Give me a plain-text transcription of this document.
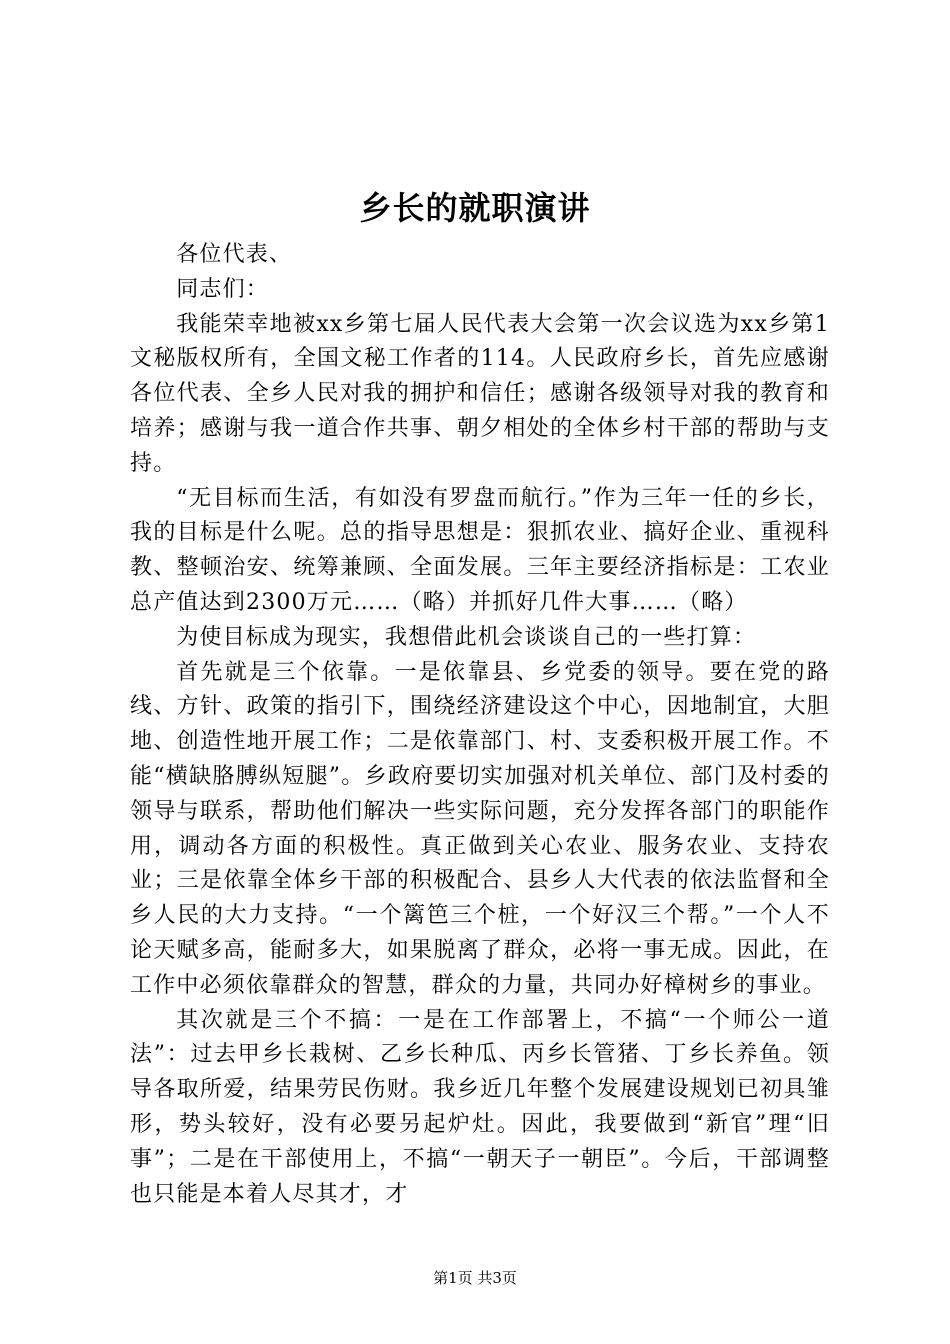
乡长的就职演讲

各位代表、

同志们：

我能荣幸地被xx乡第七届人民代表大会第一次会议选为xx乡第1文秘版权所有，全国文秘工作者的114。人民政府乡长，首先应感谢各位代表、全乡人民对我的拥护和信任；感谢各级领导对我的教育和培养；感谢与我一道合作共事、朝夕相处的全体乡村干部的帮助与支持。

“无目标而生活，有如没有罗盘而航行。”作为三年一任的乡长，我的目标是什么呢。总的指导思想是：狠抓农业、搞好企业、重视科教、整顿治安、统筹兼顾、全面发展。三年主要经济指标是：工农业总产值达到2300万元……（略）并抓好几件大事……（略）

为使目标成为现实，我想借此机会谈谈自己的一些打算：

首先就是三个依靠。一是依靠县、乡党委的领导。要在党的路线、方针、政策的指引下，围绕经济建设这个中心，因地制宜，大胆地、创造性地开展工作；二是依靠部门、村、支委积极开展工作。不能“横缺胳膊纵短腿”。乡政府要切实加强对机关单位、部门及村委的领导与联系，帮助他们解决一些实际问题，充分发挥各部门的职能作用，调动各方面的积极性。真正做到关心农业、服务农业、支持农业；三是依靠全体乡干部的积极配合、县乡人大代表的依法监督和全乡人民的大力支持。“一个篱笆三个桩，一个好汉三个帮。”一个人不论天赋多高，能耐多大，如果脱离了群众，必将一事无成。因此，在工作中必须依靠群众的智慧，群众的力量，共同办好樟树乡的事业。

其次就是三个不搞：一是在工作部署上，不搞“一个师公一道法”：过去甲乡长栽树、乙乡长种瓜、丙乡长管猪、丁乡长养鱼。领导各取所爱，结果劳民伤财。我乡近几年整个发展建设规划已初具雏形，势头较好，没有必要另起炉灶。因此，我要做到“新官”理“旧事”；二是在干部使用上，不搞“一朝天子一朝臣”。今后，干部调整也只能是本着人尽其才，才

第1页 共3页
